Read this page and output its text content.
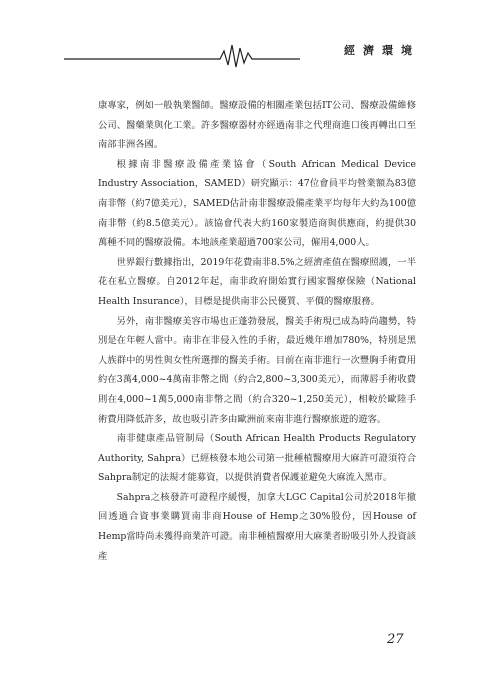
經濟環境

康專家，例如一般執業醫師。醫療設備的相關產業包括IT公司、醫療設備維修公司、醫藥業與化工業。許多醫療器材亦經過南非之代理商進口後再轉出口至南部非洲各國。

根據南非醫療設備產業協會（South African Medical Device Industry Association，SAMED）研究顯示：47位會員平均營業額為83億南非幣（約7億美元），SAMED估計南非醫療設備產業平均每年大約為100億南非幣（約8.5億美元）。該協會代表大約160家製造商與供應商，約提供30萬種不同的醫療設備。本地該產業超過700家公司，僱用4,000人。

世界銀行數據指出，2019年花費南非8.5%之經濟產值在醫療照護，一半花在私立醫療。自2012年起，南非政府開始實行國家醫療保險（National Health Insurance），目標是提供南非公民優質、平價的醫療服務。

另外，南非醫療美容市場也正蓬勃發展，醫美手術現已成為時尚趨勢，特別是在年輕人當中。南非在非侵入性的手術，最近幾年增加780%，特別是黑人族群中的男性與女性所選擇的醫美手術。目前在南非進行一次豐胸手術費用約在3萬4,000~4萬南非幣之間（約合2,800~3,300美元），而薄唇手術收費則在4,000~1萬5,000南非幣之間（約合320~1,250美元），相較於歐陸手術費用降低許多，故也吸引許多由歐洲前來南非進行醫療旅遊的遊客。

南非健康產品管制局（South African Health Products Regulatory Authority, Sahpra）已經核發本地公司第一批種植醫療用大麻許可證須符合Sahpra制定的法規才能募資，以提供消費者保護並避免大麻流入黑市。

Sahpra之核發許可證程序緩慢，加拿大LGC Capital公司於2018年撤回透過合資事業購買南非商House of Hemp之30%股份，因House of Hemp當時尚未獲得商業許可證。南非種植醫療用大麻業者盼吸引外人投資該產

27
